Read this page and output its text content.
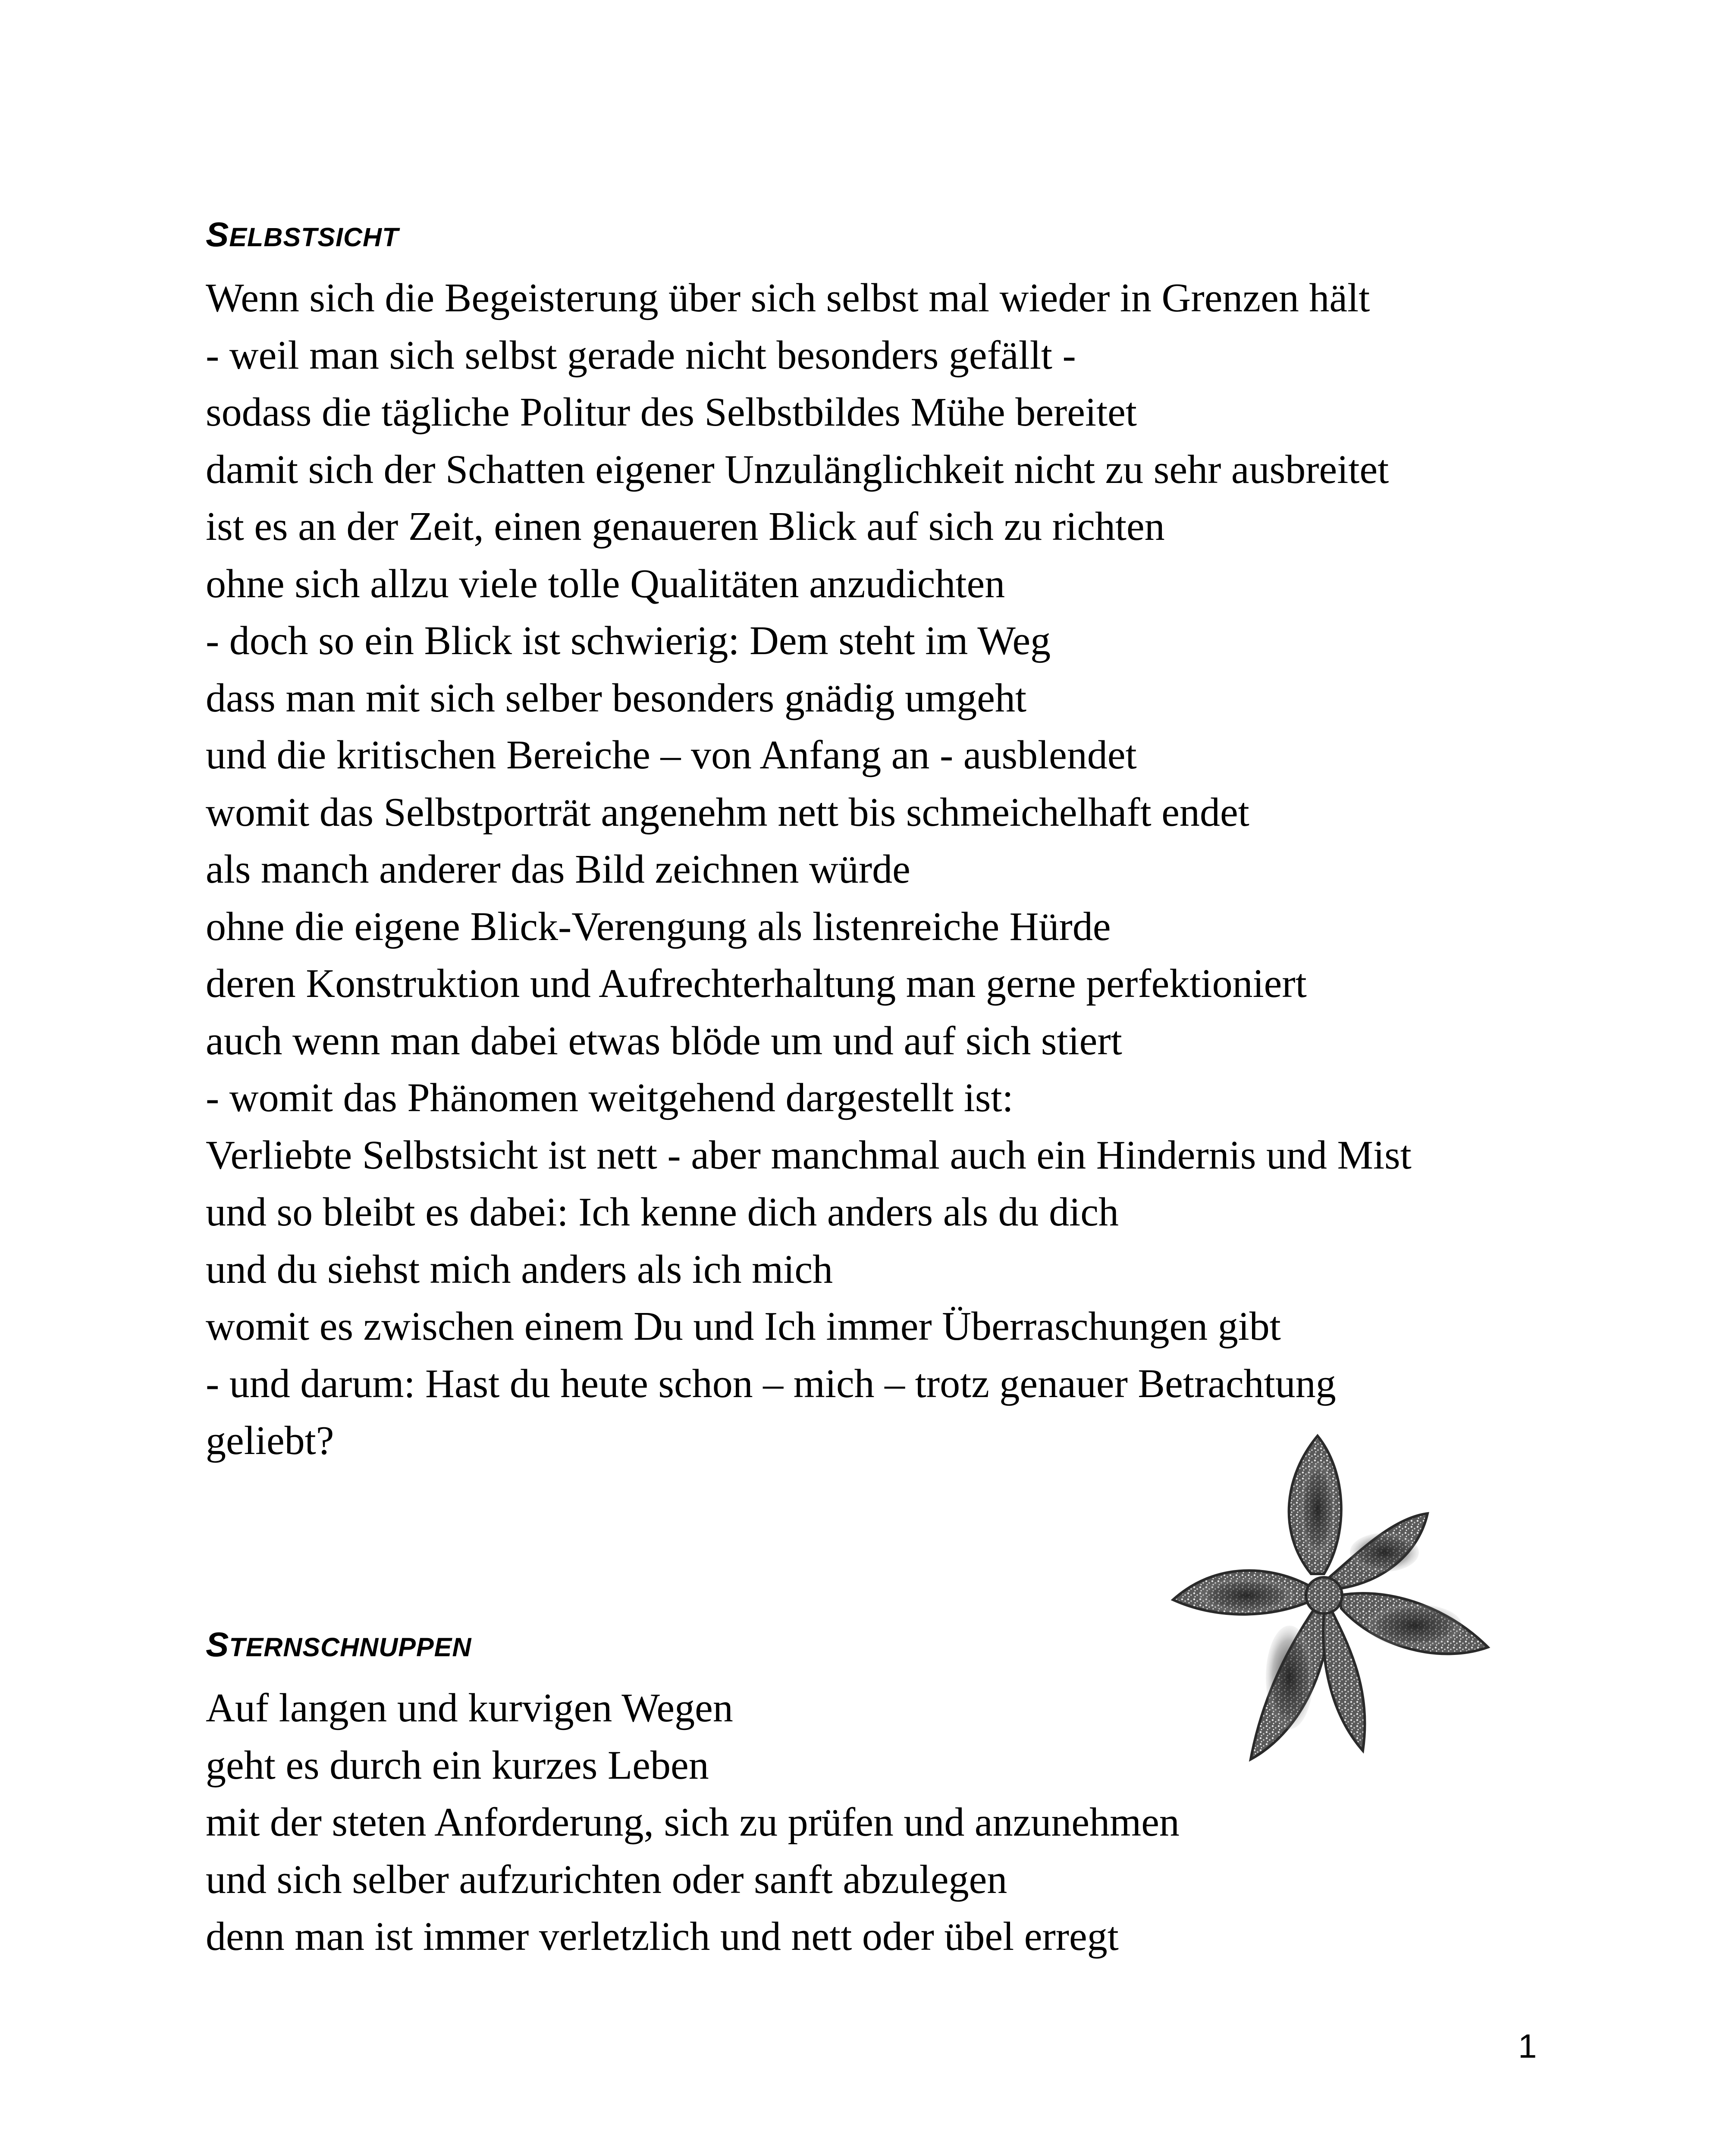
SELBSTSICHT
Wenn sich die Begeisterung über sich selbst mal wieder in Grenzen hält
- weil man sich selbst gerade nicht besonders gefällt -
sodass die tägliche Politur des Selbstbildes Mühe bereitet
damit sich der Schatten eigener Unzulänglichkeit nicht zu sehr ausbreitet
ist es an der Zeit, einen genaueren Blick auf sich zu richten
ohne sich allzu viele tolle Qualitäten anzudichten
- doch so ein Blick ist schwierig: Dem steht im Weg
dass man mit sich selber besonders gnädig umgeht
und die kritischen Bereiche – von Anfang an - ausblendet
womit das Selbstporträt angenehm nett bis schmeichelhaft endet
als manch anderer das Bild zeichnen würde
ohne die eigene Blick-Verengung als listenreiche Hürde
deren Konstruktion und Aufrechterhaltung man gerne perfektioniert
auch wenn man dabei etwas blöde um und auf sich stiert
- womit das Phänomen weitgehend dargestellt ist:
Verliebte Selbstsicht ist nett - aber manchmal auch ein Hindernis und Mist
und so bleibt es dabei: Ich kenne dich anders als du dich
und du siehst mich anders als ich mich
womit es zwischen einem Du und Ich immer Überraschungen gibt
- und darum: Hast du heute schon – mich – trotz genauer Betrachtung
geliebt?
STERNSCHNUPPEN
Auf langen und kurvigen Wegen
geht es durch ein kurzes Leben
mit der steten Anforderung, sich zu prüfen und anzunehmen
und sich selber aufzurichten oder sanft abzulegen
denn man ist immer verletzlich und nett oder übel erregt
1
